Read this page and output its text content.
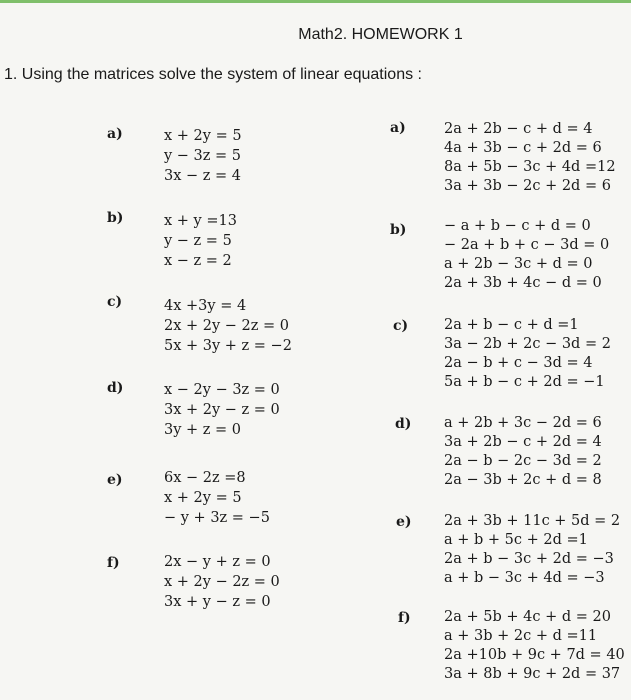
Math2. HOMEWORK 1
1. Using the matrices solve the system of linear equations :
a)	x + 2y = 5
y − 3z = 5
3x − z = 4
b)	x + y =13
y − z = 5
x − z = 2
c)	4x +3y = 4
2x + 2y − 2z = 0
5x + 3y + z = −2
d)	x − 2y − 3z = 0
3x + 2y − z = 0
3y + z = 0
e)	6x − 2z =8
x + 2y = 5
− y + 3z = −5
f)	2x − y + z = 0
x + 2y − 2z = 0
3x + y − z = 0
a)	2a + 2b − c + d = 4
4a + 3b − c + 2d = 6
8a + 5b − 3c + 4d =12
3a + 3b − 2c + 2d = 6
b)	− a + b − c + d = 0
− 2a + b + c − 3d = 0
a + 2b − 3c + d = 0
2a + 3b + 4c − d = 0
c) 2a + b − c + d =1
3a − 2b + 2c − 3d = 2
2a − b + c − 3d = 4
5a + b − c + 2d = −1
d) a + 2b + 3c − 2d = 6
3a + 2b − c + 2d = 4
2a − b − 2c − 3d = 2
2a − 3b + 2c + d = 8
e) 2a + 3b + 11c + 5d = 2
a + b + 5c + 2d =1
2a + b − 3c + 2d = −3
a + b − 3c + 4d = −3
f) 2a + 5b + 4c + d = 20
a + 3b + 2c + d =11
2a +10b + 9c + 7d = 40
3a + 8b + 9c + 2d = 37
